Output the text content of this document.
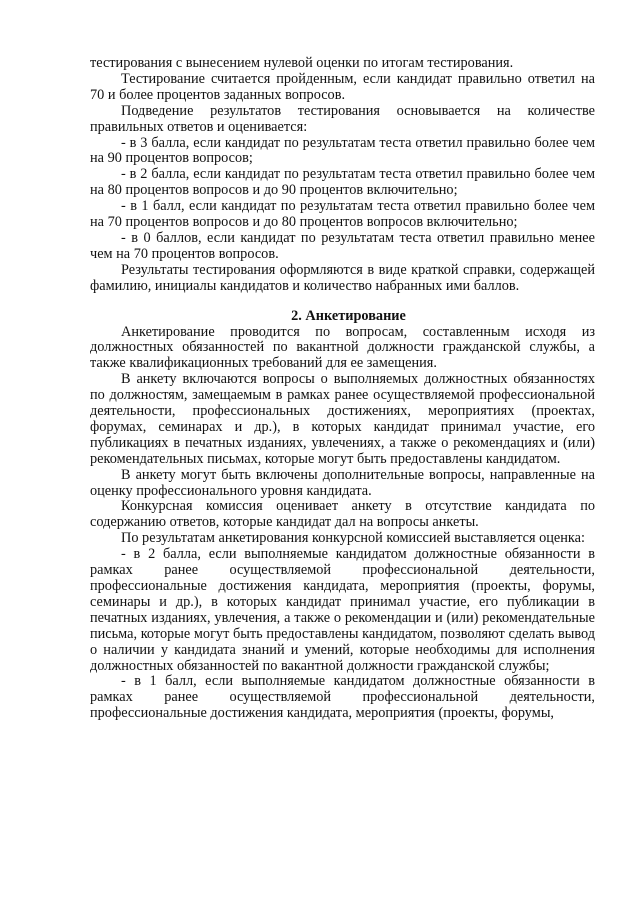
тестирования с вынесением нулевой оценки по итогам тестирования.

Тестирование считается пройденным, если кандидат правильно ответил на 70 и более процентов заданных вопросов.

Подведение результатов тестирования основывается на количестве правильных ответов и оценивается:

- в 3 балла, если кандидат по результатам теста ответил правильно более чем на 90 процентов вопросов;

- в 2 балла, если кандидат по результатам теста ответил правильно более чем на 80 процентов вопросов и до 90 процентов включительно;

- в 1 балл, если кандидат по результатам теста ответил правильно более чем на 70 процентов вопросов и до 80 процентов вопросов включительно;

- в 0 баллов, если кандидат по результатам теста ответил правильно менее чем на 70 процентов вопросов.

Результаты тестирования оформляются в виде краткой справки, содержащей фамилию, инициалы кандидатов и количество набранных ими баллов.

2. Анкетирование

Анкетирование проводится по вопросам, составленным исходя из должностных обязанностей по вакантной должности гражданской службы, а также квалификационных требований для ее замещения.

В анкету включаются вопросы о выполняемых должностных обязанностях по должностям, замещаемым в рамках ранее осуществляемой профессиональной деятельности, профессиональных достижениях, мероприятиях (проектах, форумах, семинарах и др.), в которых кандидат принимал участие, его публикациях в печатных изданиях, увлечениях, а также о рекомендациях и (или) рекомендательных письмах, которые могут быть предоставлены кандидатом.

В анкету могут быть включены дополнительные вопросы, направленные на оценку профессионального уровня кандидата.

Конкурсная комиссия оценивает анкету в отсутствие кандидата по содержанию ответов, которые кандидат дал на вопросы анкеты.

По результатам анкетирования конкурсной комиссией выставляется оценка:

- в 2 балла, если выполняемые кандидатом должностные обязанности в рамках ранее осуществляемой профессиональной деятельности, профессиональные достижения кандидата, мероприятия (проекты, форумы, семинары и др.), в которых кандидат принимал участие, его публикации в печатных изданиях, увлечения, а также о рекомендации и (или) рекомендательные письма, которые могут быть предоставлены кандидатом, позволяют сделать вывод о наличии у кандидата знаний и умений, которые необходимы для исполнения должностных обязанностей по вакантной должности гражданской службы;

- в 1 балл, если выполняемые кандидатом должностные обязанности в рамках ранее осуществляемой профессиональной деятельности, профессиональные достижения кандидата, мероприятия (проекты, форумы,
